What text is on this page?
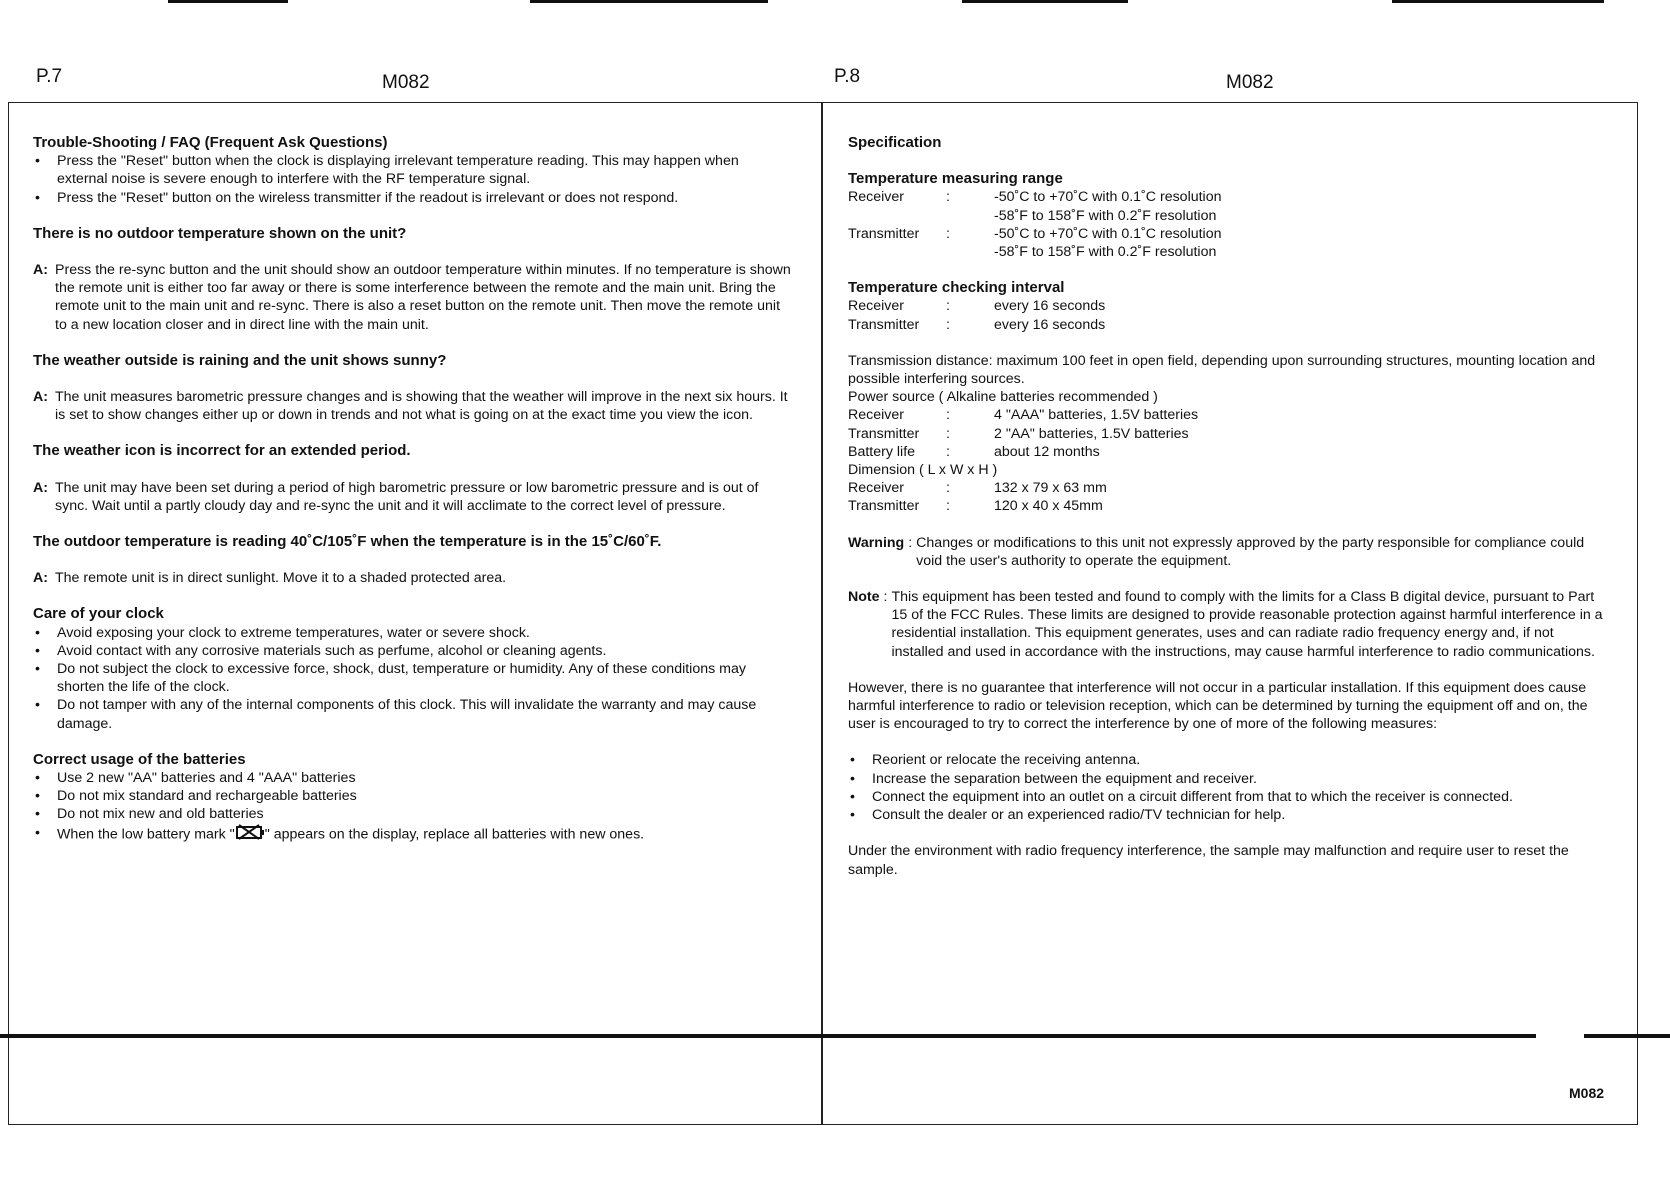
P.7	M082	P.8	M082

Trouble-Shooting / FAQ (Frequent Ask Questions)

• Press the "Reset" button when the clock is displaying irrelevant temperature reading. This may happen when external noise is severe enough to interfere with the RF temperature signal.
• Press the "Reset" button on the wireless transmitter if the readout is irrelevant or does not respond.

There is no outdoor temperature shown on the unit?

A: Press the re-sync button and the unit should show an outdoor temperature within minutes. If no temperature is shown the remote unit is either too far away or there is some interference between the remote and the main unit. Bring the remote unit to the main unit and re-sync. There is also a reset button on the remote unit. Then move the remote unit to a new location closer and in direct line with the main unit.

The weather outside is raining and the unit shows sunny?

A: The unit measures barometric pressure changes and is showing that the weather will improve in the next six hours. It is set to show changes either up or down in trends and not what is going on at the exact time you view the icon.

The weather icon is incorrect for an extended period.

A: The unit may have been set during a period of high barometric pressure or low barometric pressure and is out of sync. Wait until a partly cloudy day and re-sync the unit and it will acclimate to the correct level of pressure.

The outdoor temperature is reading 40˚C/105˚F when the temperature is in the 15˚C/60˚F.

A: The remote unit is in direct sunlight. Move it to a shaded protected area.

Care of your clock

• Avoid exposing your clock to extreme temperatures, water or severe shock.
• Avoid contact with any corrosive materials such as perfume, alcohol or cleaning agents.
• Do not subject the clock to excessive force, shock, dust, temperature or humidity. Any of these conditions may shorten the life of the clock.
• Do not tamper with any of the internal components of this clock. This will invalidate the warranty and may cause damage.

Correct usage of the batteries

• Use 2 new "AA" batteries and 4 "AAA" batteries
• Do not mix standard and rechargeable batteries
• Do not mix new and old batteries
• When the low battery mark " " appears on the display, replace all batteries with new ones.

Specification

Temperature measuring range

Receiver	:	-50˚C to +70˚C with 0.1˚C resolution
-58˚F to 158˚F with 0.2˚F resolution
Transmitter	:	-50˚C to +70˚C with 0.1˚C resolution
-58˚F to 158˚F with 0.2˚F resolution

Temperature checking interval

Receiver	:	every 16 seconds
Transmitter	:	every 16 seconds

Transmission distance: maximum 100 feet in open field, depending upon surrounding structures, mounting location and possible interfering sources.

Power source ( Alkaline batteries recommended )

Receiver	:	4 "AAA" batteries, 1.5V batteries
Transmitter	:	2 "AA" batteries, 1.5V batteries
Battery life	:	about 12 months

Dimension ( L x W x H )

Receiver	:	132 x 79 x 63 mm
Transmitter	:	120 x 40 x 45mm
Warning : Changes or modifications to this unit not expressly approved by the party responsible for compliance could void the user's authority to operate the equipment.
Note : This equipment has been tested and found to comply with the limits for a Class B digital device, pursuant to Part 15 of the FCC Rules. These limits are designed to provide reasonable protection against harmful interference in a residential installation. This equipment generates, uses and can radiate radio frequency energy and, if not installed and used in accordance with the instructions, may cause harmful interference to radio communications.

However, there is no guarantee that interference will not occur in a particular installation. If this equipment does cause harmful interference to radio or television reception, which can be determined by turning the equipment off and on, the user is encouraged to try to correct the interference by one of more of the following measures:

• Reorient or relocate the receiving antenna.
• Increase the separation between the equipment and receiver.
• Connect the equipment into an outlet on a circuit different from that to which the receiver is connected.
• Consult the dealer or an experienced radio/TV technician for help.

Under the environment with radio frequency interference, the sample may malfunction and require user to reset the sample.

M082
